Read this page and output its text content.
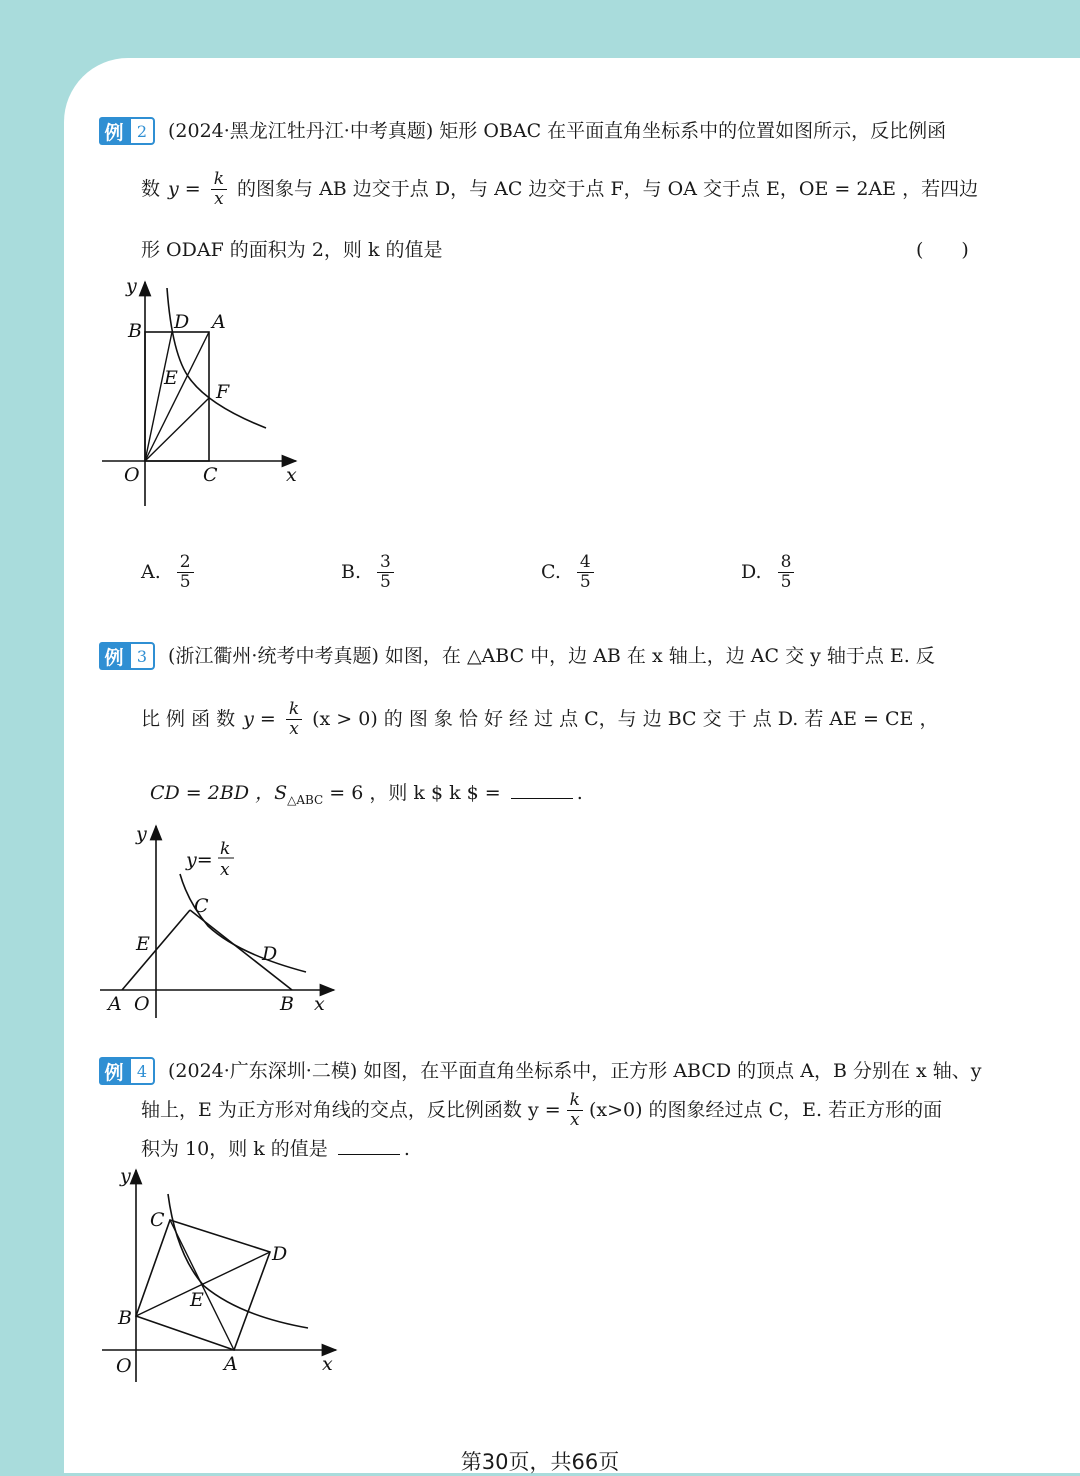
例 2	(2024·黑龙江牡丹江·中考真题) 矩形 OBAC 在平面直角坐标系中的位置如图所示，反比例函
数 $y = \frac{k}{x}$ 的图象与 AB 边交于点 D，与 AC 边交于点 F，与 OA 交于点 E，OE = 2AE ，若四边
形 ODAF 的面积为 2，则 k 的值是	(　　)
y
x
O
B D A
E
F
C
A. $\frac{2}{5}$	B. $\frac{3}{5}$	C. $\frac{4}{5}$	D. $\frac{8}{5}$
例 3	(浙江衢州·统考中考真题) 如图，在 △ABC 中，边 AB 在 x 轴上，边 AC 交 y 轴于点 E. 反
比 例 函 数 $y = \frac{k}{x} (x > 0)$ 的 图 象 恰 好 经 过 点 C，与 边 BC 交 于 点 D. 若 AE = CE ，
CD = 2BD ，$S_{\triangle ABC} = 6$ ，则 k $ k $ =	.
y
y= k
x
C
E	D
A O	B x
例 4	(2024·广东深圳·二模) 如图，在平面直角坐标系中，正方形 ABCD 的顶点 A，B 分别在 x 轴、y
轴上，E 为正方形对角线的交点，反比例函数 $y = \frac{k}{x} (x>0)$ 的图象经过点 C，E. 若正方形的面
积为 10，则 k 的值是	.
y
C
D
E
B
O	A	x
第30页，共66页
